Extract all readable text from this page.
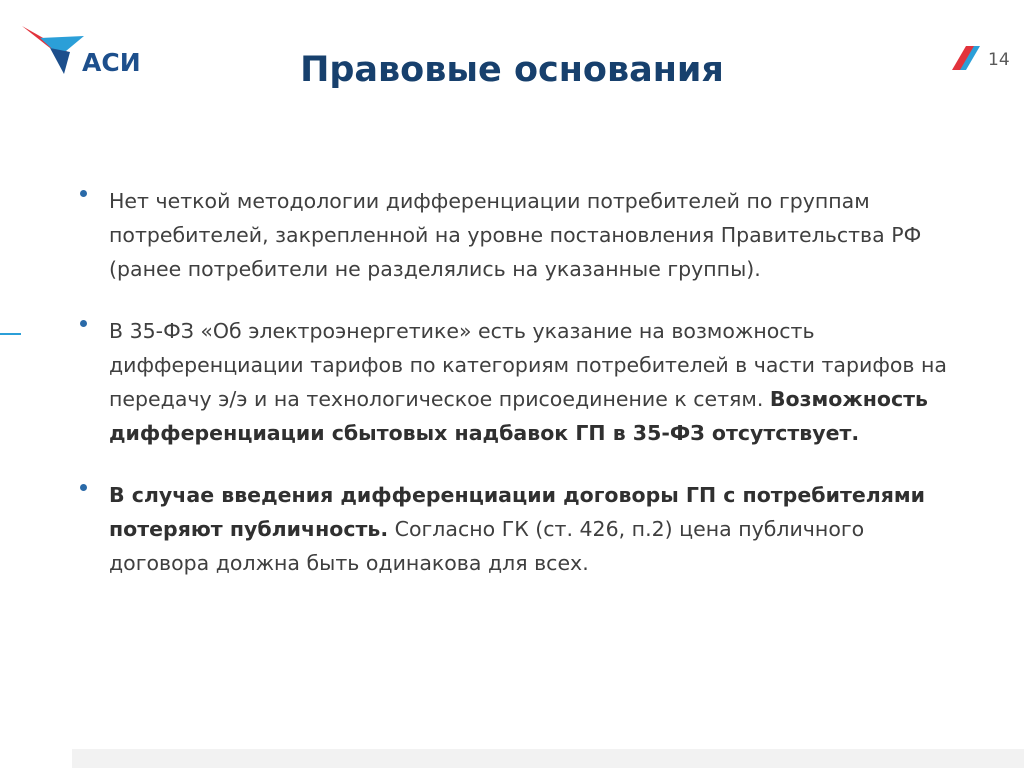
АСИ	Правовые основания	14

Нет четкой методологии дифференциации потребителей по группам потребителей, закрепленной на уровне постановления Правительства РФ (ранее потребители не разделялись на указанные группы).

В 35-ФЗ «Об электроэнергетике» есть указание на возможность дифференциации тарифов по категориям потребителей в части тарифов на передачу э/э и на технологическое присоединение к сетям. Возможность дифференциации сбытовых надбавок ГП в 35-ФЗ отсутствует.

В случае введения дифференциации договоры ГП с потребителями потеряют публичность. Согласно ГК (ст. 426, п.2) цена публичного договора должна быть одинакова для всех.
